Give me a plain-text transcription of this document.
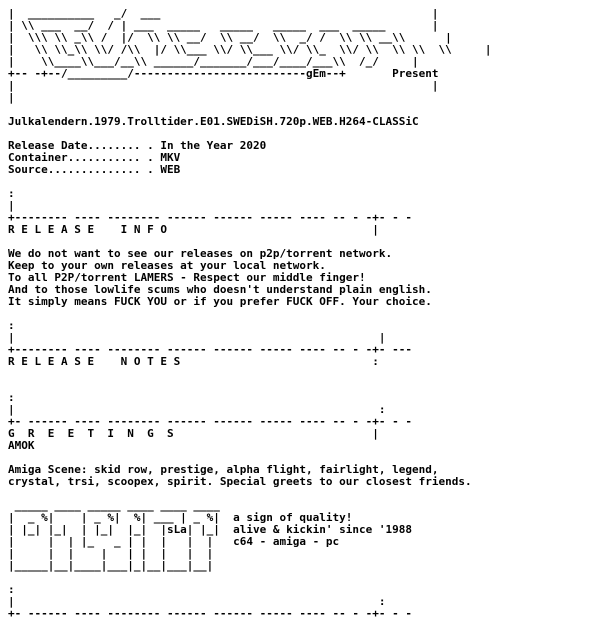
|  __________   _/  ___                                         |
| \\ ___  __/  / | ___  _____   _____   _____  ___  _____       |
|  \\\ \\ _\\ /  |/  \\ \\ __/  \\ __/  \\  _/ /  \\ \\ __\\      |
|   \\ \\_\\ \\/ /\\  |/ \\___ \\/ \\___ \\/ \\_  \\/ \\  \\ \\  \\     |
|    \\____\\___/__\\ ______/_______/___/____/___\\  /_/     |
+-- -+--/_________/--------------------------gEm--+       Present
|                                                               |
|
Julkalendern.1979.Trolltider.E01.SWEDiSH.720p.WEB.H264-CLASSiC
Release Date........ . In the Year 2020
Container........... . MKV
Source.............. . WEB
:
|
+-------- ---- -------- ------ ------ ----- ---- -- - -+- - -
R E L E A S E    I N F O                               |
We do not want to see our releases on p2p/torrent network.
Keep to your own releases at your local network.
To all P2P/torrent LAMERS - Respect our middle finger!
And to those lowlife scums who doesn't understand plain english.
It simply means FUCK YOU or if you prefer FUCK OFF. Your choice.
:
|                                                       |
+-------- ---- -------- ------ ------ ----- ---- -- - -+- ---
R E L E A S E    N O T E S                             :
:
|                                                       :
+- ------ ---- -------- ------ ------ ----- ---- -- - -+- - -
G  R  E  E  T  I  N  G  S                              |
AMOK
Amiga Scene: skid row, prestige, alpha flight, fairlight, legend,
crystal, trsi, scoopex, spirit. Special greets to our closest friends.
_____ ____ _____ ____ ____ ____
|  _ %|    | _ %|  %| ___ | _ %|  a sign of quality!
| |_| |_|  | |_|  |_|  |sLa| |_|  alive & kickin' since '1988
|     |  | |_   _ | |  |   |  |   c64 - amiga - pc
|     |  |    |   | |  |   |  |
|_____|__|____|___|_|__|___|__|
:
|                                                       :
+- ------ ---- -------- ------ ------ ----- ---- -- - -+- - -
